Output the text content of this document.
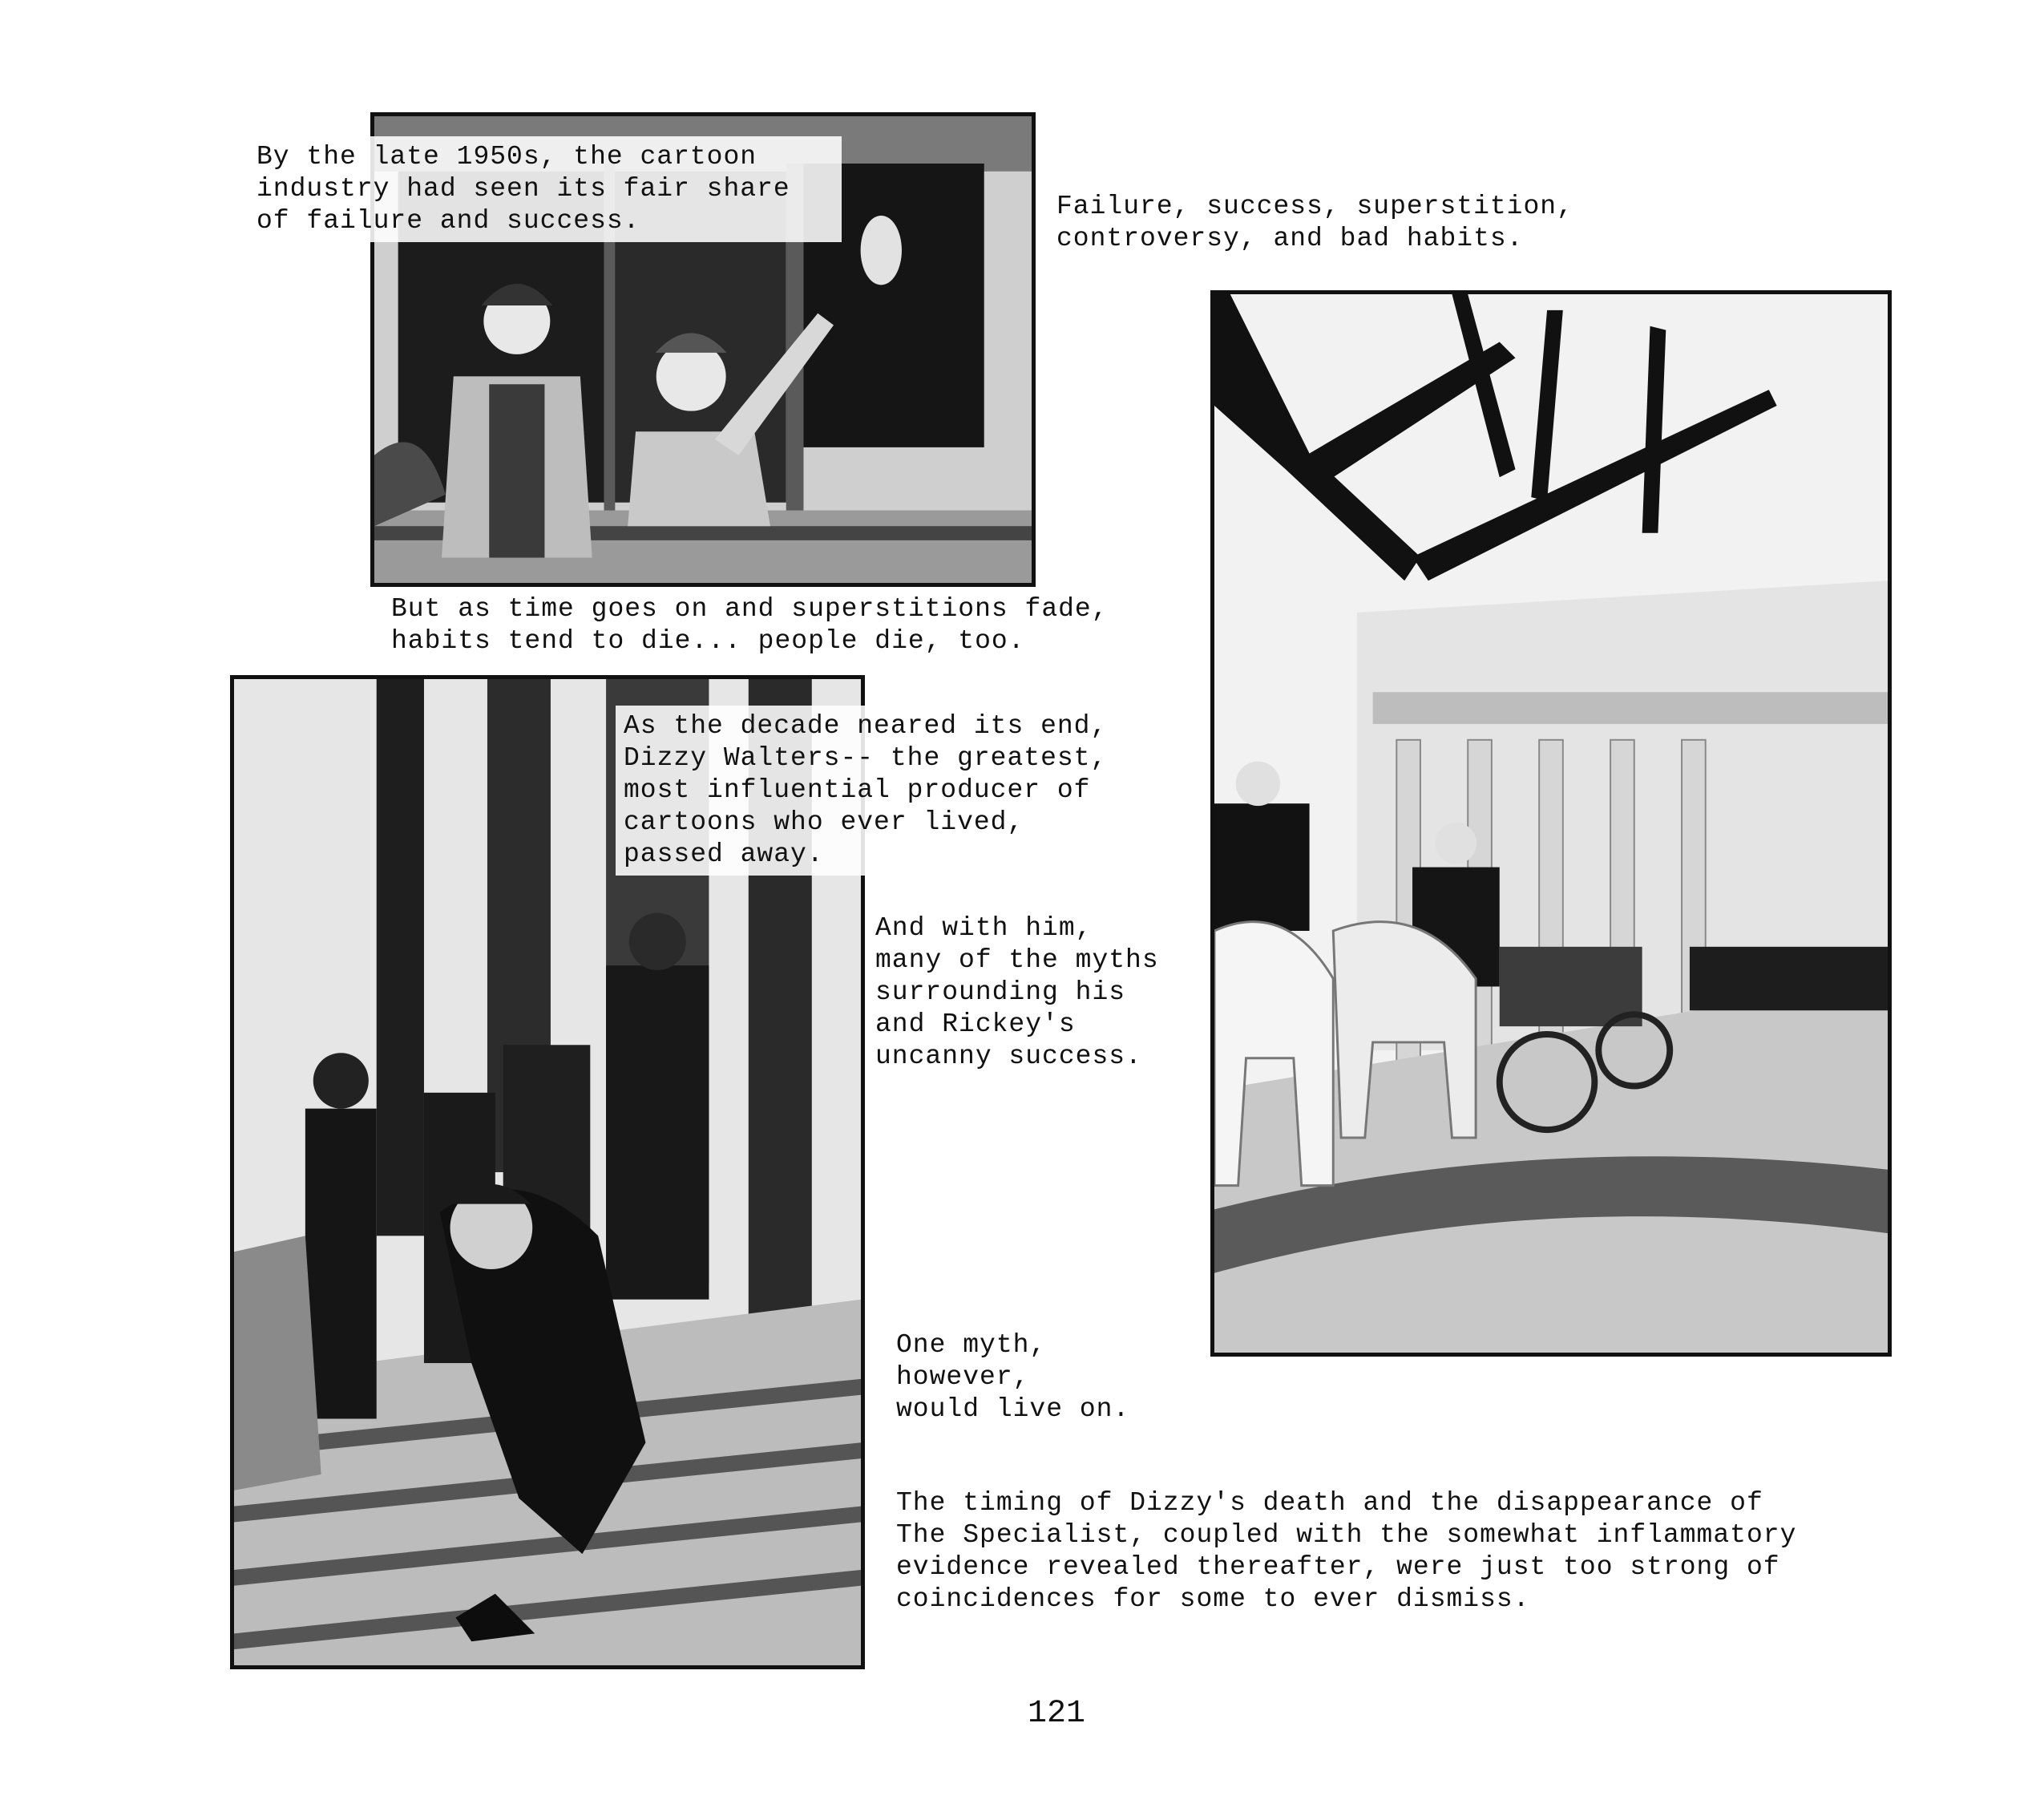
By the late 1950s, the cartoon
industry had seen its fair share
of failure and success.	Failure, success, superstition,
controversy, and bad habits.
But as time goes on and superstitions fade,
habits tend to die... people die, too.
As the decade neared its end,
Dizzy Walters-- the greatest,
most influential producer of
cartoons who ever lived,
passed away.
And with him,
many of the myths
surrounding his
and Rickey's
uncanny success.
One myth,
however,
would live on.
The timing of Dizzy's death and the disappearance of
The Specialist, coupled with the somewhat inflammatory
evidence revealed thereafter, were just too strong of
coincidences for some to ever dismiss.
121
